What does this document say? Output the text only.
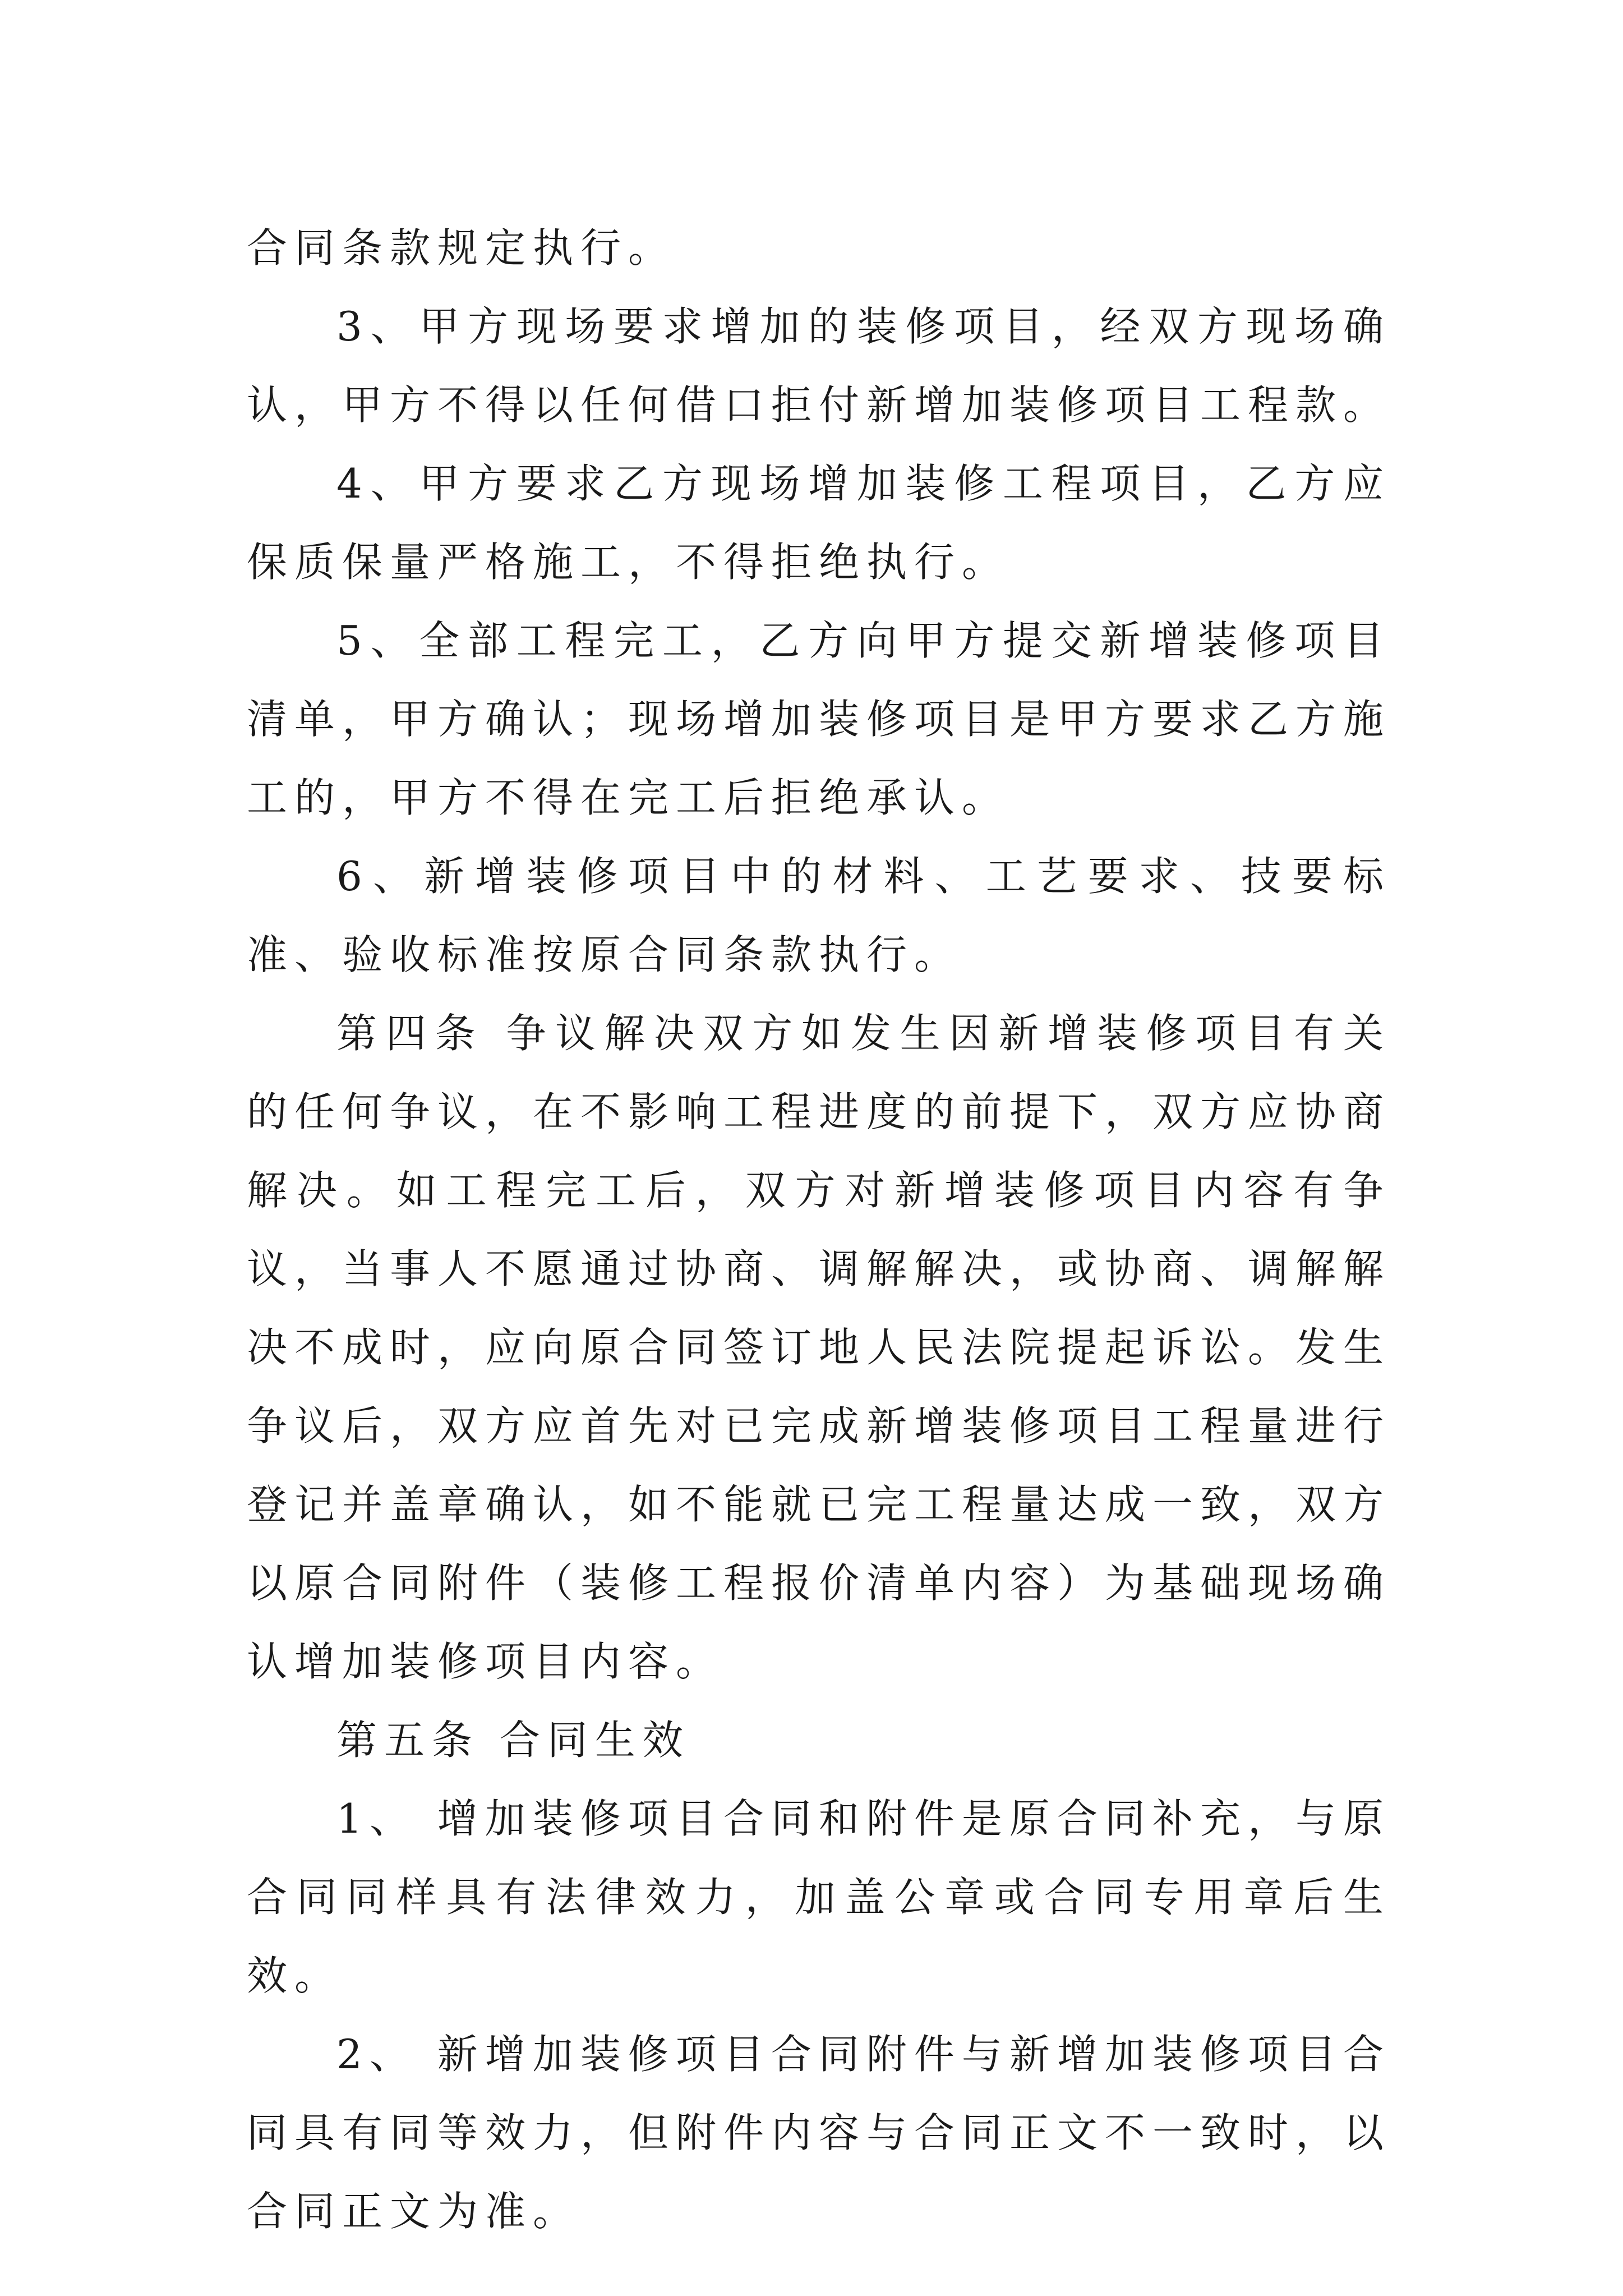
合同条款规定执行。

3、甲方现场要求增加的装修项目，经双方现场确认，甲方不得以任何借口拒付新增加装修项目工程款。

4、甲方要求乙方现场增加装修工程项目，乙方应保质保量严格施工，不得拒绝执行。

5、全部工程完工，乙方向甲方提交新增装修项目清单，甲方确认；现场增加装修项目是甲方要求乙方施工的，甲方不得在完工后拒绝承认。

6、新增装修项目中的材料、工艺要求、技要标准、验收标准按原合同条款执行。

第四条 争议解决双方如发生因新增装修项目有关的任何争议，在不影响工程进度的前提下，双方应协商解决。如工程完工后，双方对新增装修项目内容有争议，当事人不愿通过协商、调解解决，或协商、调解解决不成时，应向原合同签订地人民法院提起诉讼。发生争议后，双方应首先对已完成新增装修项目工程量进行登记并盖章确认，如不能就已完工程量达成一致，双方以原合同附件（装修工程报价清单内容）为基础现场确认增加装修项目内容。

第五条 合同生效

1、 增加装修项目合同和附件是原合同补充，与原合同同样具有法律效力，加盖公章或合同专用章后生效。

2、 新增加装修项目合同附件与新增加装修项目合同具有同等效力，但附件内容与合同正文不一致时，以合同正文为准。
